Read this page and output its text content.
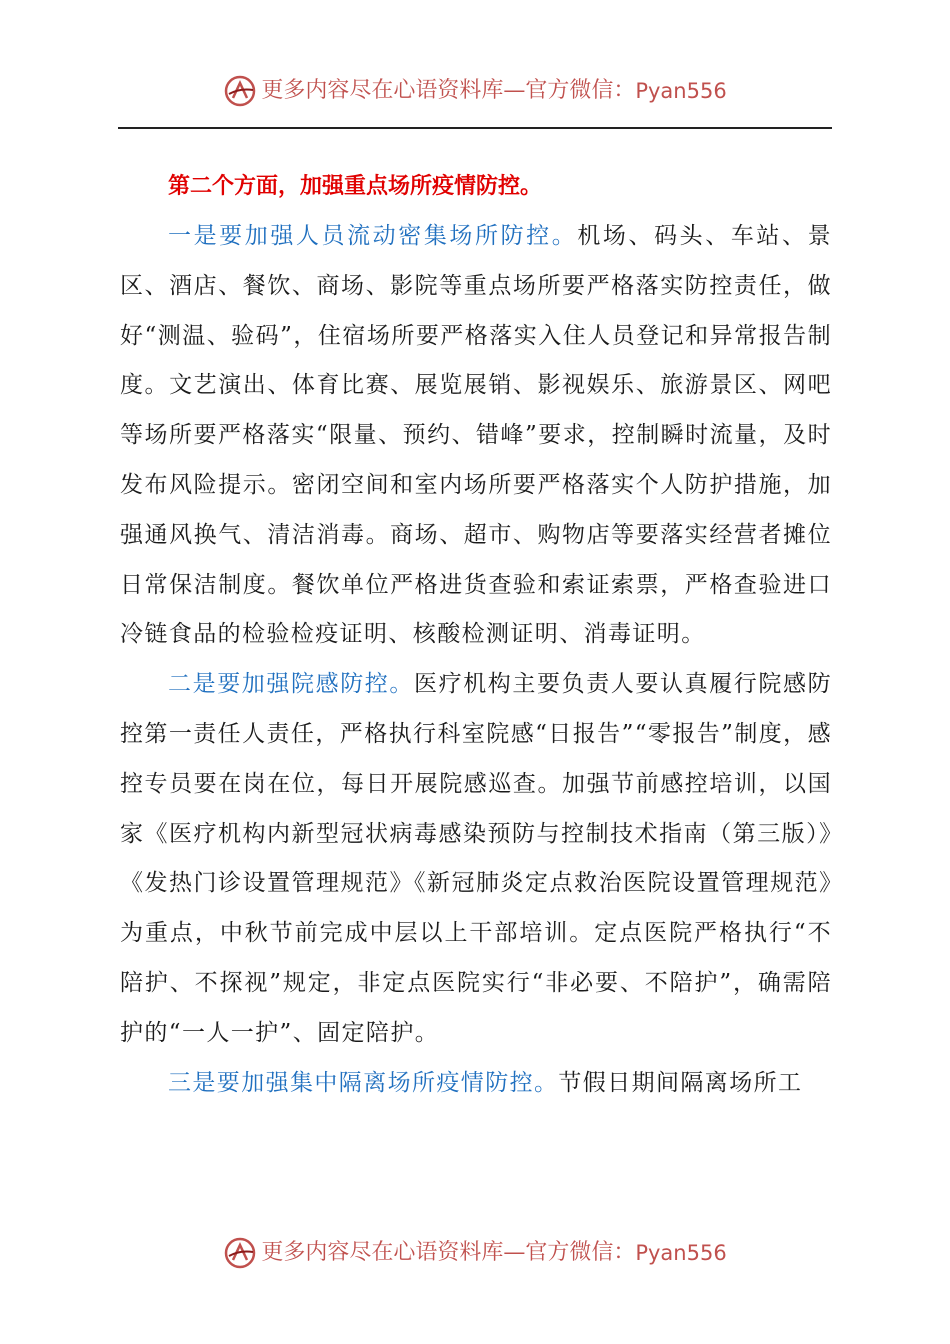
更多内容尽在心语资料库—官方微信： Pyan556

第二个方面，加强重点场所疫情防控。

一是要加强人员流动密集场所防控。机场、码头、车站、景区、酒店、餐饮、商场、影院等重点场所要严格落实防控责任，做好“测温、验码”，住宿场所要严格落实入住人员登记和异常报告制度。文艺演出、体育比赛、展览展销、影视娱乐、旅游景区、网吧等场所要严格落实“限量、预约、错峰”要求，控制瞬时流量，及时发布风险提示。密闭空间和室内场所要严格落实个人防护措施，加强通风换气、清洁消毒。商场、超市、购物店等要落实经营者摊位日常保洁制度。餐饮单位严格进货查验和索证索票，严格查验进口冷链食品的检验检疫证明、核酸检测证明、消毒证明。

二是要加强院感防控。医疗机构主要负责人要认真履行院感防控第一责任人责任，严格执行科室院感“日报告”“零报告”制度，感控专员要在岗在位，每日开展院感巡查。加强节前感控培训，以国家《医疗机构内新型冠状病毒感染预防与控制技术指南（第三版）》《发热门诊设置管理规范》《新冠肺炎定点救治医院设置管理规范》为重点，中秋节前完成中层以上干部培训。定点医院严格执行“不陪护、不探视”规定，非定点医院实行“非必要、不陪护”，确需陪护的“一人一护”、固定陪护。

三是要加强集中隔离场所疫情防控。节假日期间隔离场所工

更多内容尽在心语资料库—官方微信： Pyan556
